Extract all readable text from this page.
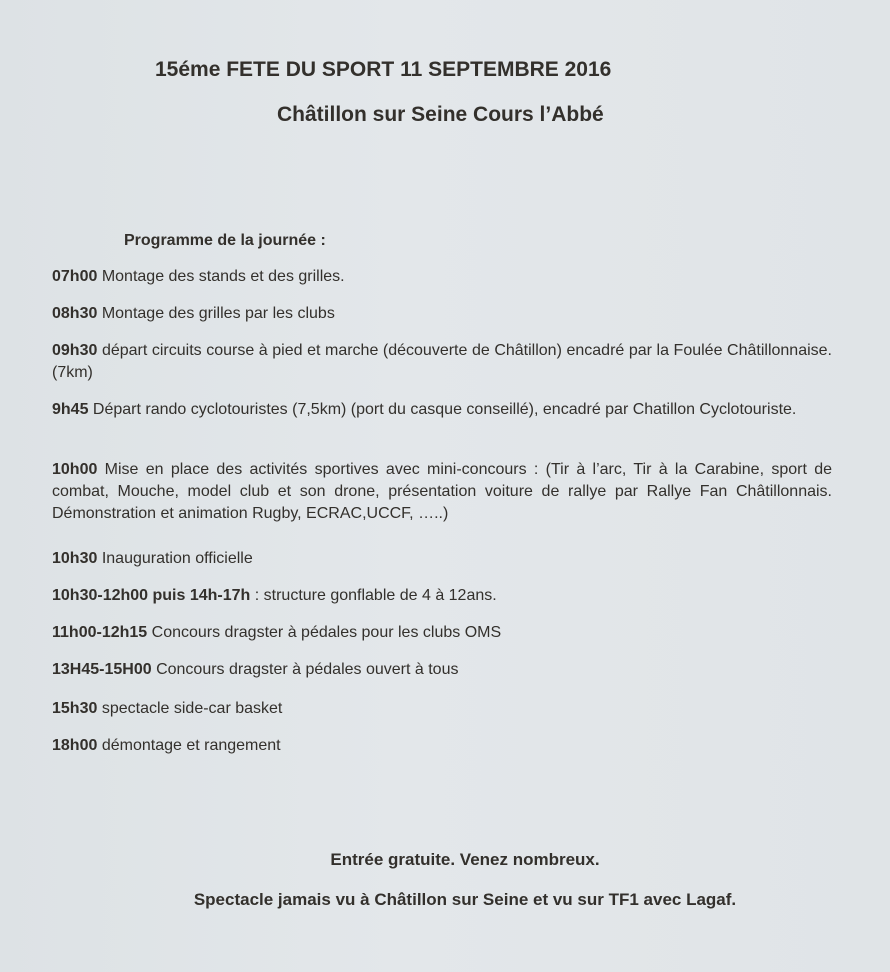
15éme FETE DU SPORT 11 SEPTEMBRE 2016
Châtillon sur Seine Cours l’Abbé
Programme de la journée :
07h00 Montage des stands et des grilles.
08h30 Montage des grilles par les clubs
09h30 départ circuits course à pied et marche (découverte de Châtillon) encadré par la Foulée Châtillonnaise. (7km)
9h45 Départ rando cyclotouristes (7,5km) (port du casque conseillé), encadré par Chatillon Cyclotouriste.
10h00 Mise en place des activités sportives avec mini-concours : (Tir à l’arc, Tir à la Carabine, sport de combat, Mouche, model club et son drone, présentation voiture de rallye par Rallye Fan Châtillonnais. Démonstration et animation Rugby, ECRAC,UCCF, …..)
10h30 Inauguration officielle
10h30-12h00 puis 14h-17h : structure gonflable de 4 à 12ans.
11h00-12h15 Concours dragster à pédales pour les clubs OMS
13H45-15H00 Concours dragster à pédales ouvert à tous
15h30 spectacle side-car basket
18h00 démontage et rangement
Entrée gratuite. Venez nombreux.
Spectacle jamais vu à Châtillon sur Seine et vu sur TF1 avec Lagaf.
